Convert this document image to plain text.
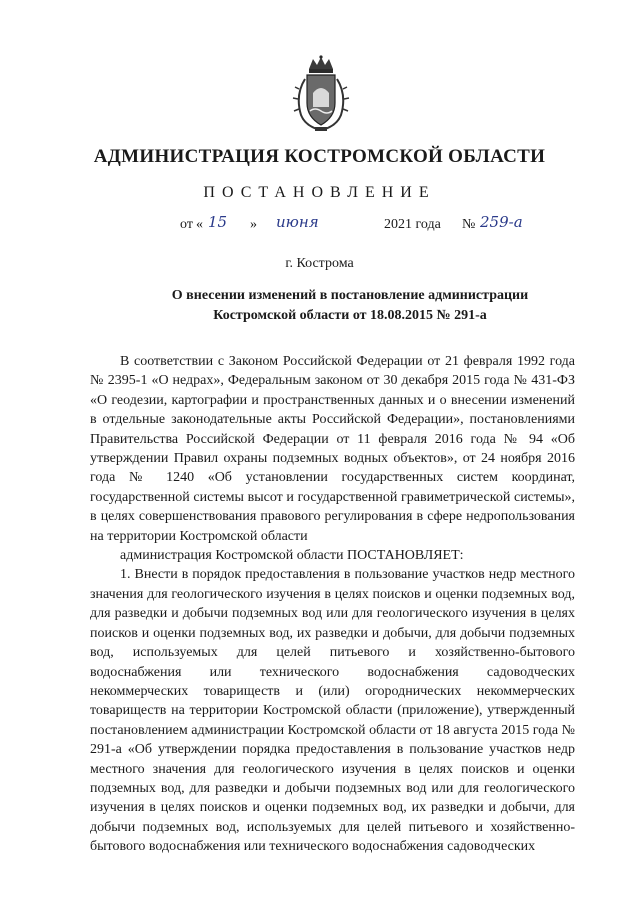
АДМИНИСТРАЦИЯ КОСТРОМСКОЙ ОБЛАСТИ
ПОСТАНОВЛЕНИЕ
от « 15 » июня	2021 года № 259-а
г. Кострома
О внесении изменений в постановление администрации
Костромской области от 18.08.2015 № 291-а

В соответствии с Законом Российской Федерации от 21 февраля 1992 года № 2395-1 «О недрах», Федеральным законом от 30 декабря 2015 года № 431-ФЗ «О геодезии, картографии и пространственных данных и о внесении изменений в отдельные законодательные акты Российской Федерации», постановлениями Правительства Российской Федерации от 11 февраля 2016 года № 94 «Об утверждении Правил охраны подземных водных объектов», от 24 ноября 2016 года № 1240 «Об установлении государственных систем координат, государственной системы высот и государственной гравиметрической системы», в целях совершенствования правового регулирования в сфере недропользования на территории Костромской области

администрация Костромской области ПОСТАНОВЛЯЕТ:

1. Внести в порядок предоставления в пользование участков недр местного значения для геологического изучения в целях поисков и оценки подземных вод, для разведки и добычи подземных вод или для геологического изучения в целях поисков и оценки подземных вод, их разведки и добычи, для добычи подземных вод, используемых для целей питьевого и хозяйственно-бытового водоснабжения или технического водоснабжения садоводческих некоммерческих товариществ и (или) огороднических некоммерческих товариществ на территории Костромской области (приложение), утвержденный постановлением администрации Костромской области от 18 августа 2015 года № 291-а «Об утверждении порядка предоставления в пользование участков недр местного значения для геологического изучения в целях поисков и оценки подземных вод, для разведки и добычи подземных вод или для геологического изучения в целях поисков и оценки подземных вод, их разведки и добычи, для добычи подземных вод, используемых для целей питьевого и хозяйственно-бытового водоснабжения или технического водоснабжения садоводческих
